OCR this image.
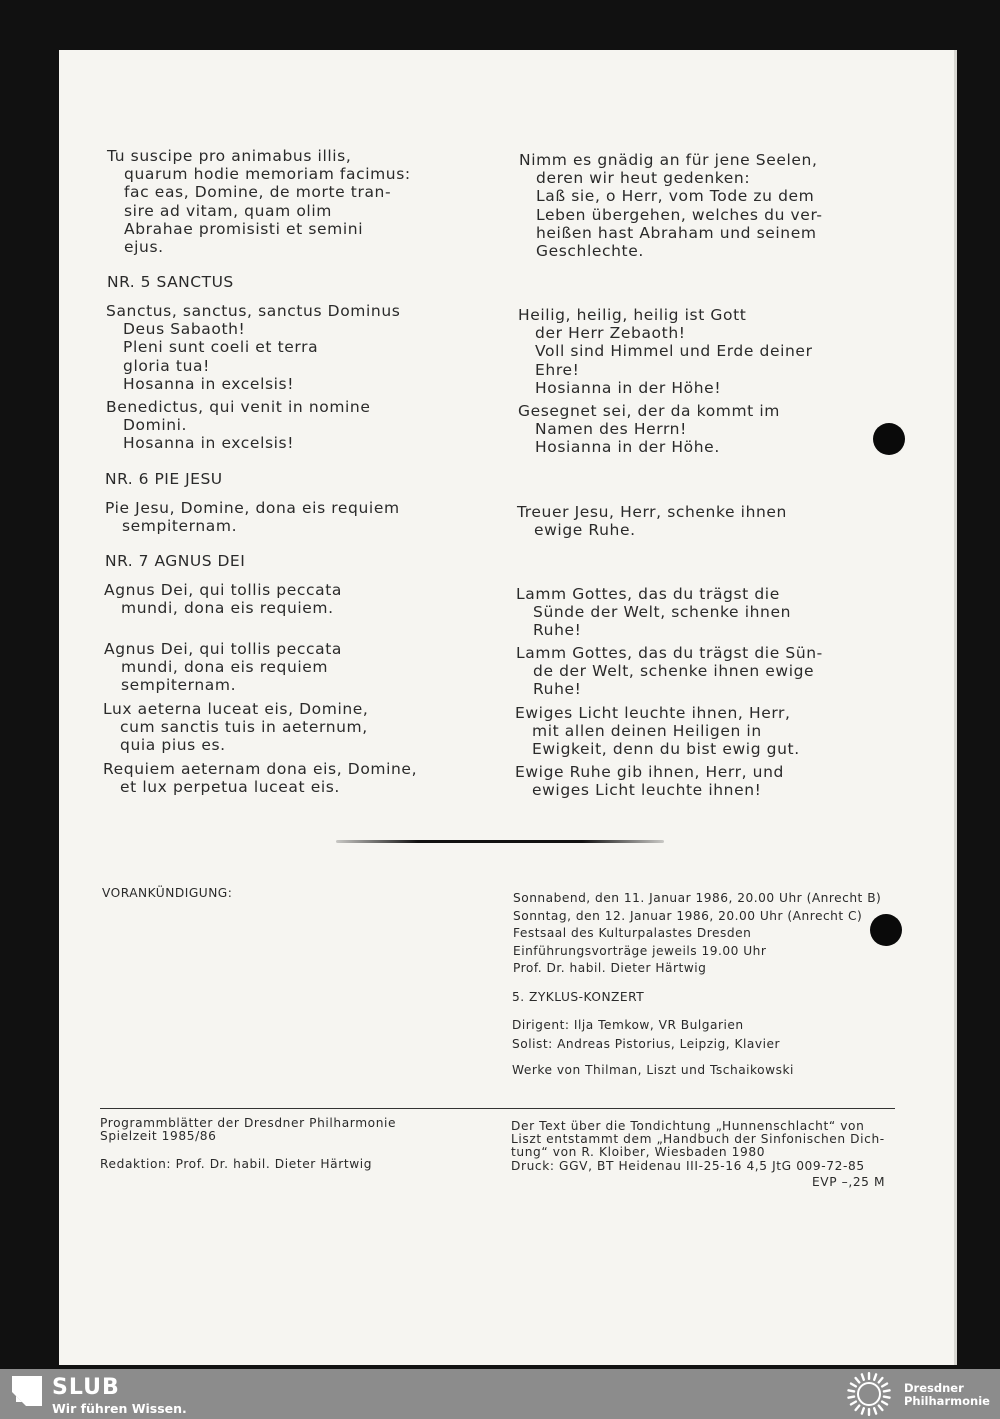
Tu suscipe pro animabus illis,
quarum hodie memoriam facimus:
fac eas, Domine, de morte tran-
sire ad vitam, quam olim
Abrahae promisisti et semini
ejus.
NR. 5 SANCTUS
Sanctus, sanctus, sanctus Dominus
Deus Sabaoth!
Pleni sunt coeli et terra
gloria tua!
Hosanna in excelsis!
Benedictus, qui venit in nomine
Domini.
Hosanna in excelsis!
NR. 6 PIE JESU
Pie Jesu, Domine, dona eis requiem
sempiternam.
NR. 7 AGNUS DEI
Agnus Dei, qui tollis peccata
mundi, dona eis requiem.
Agnus Dei, qui tollis peccata
mundi, dona eis requiem
sempiternam.
Lux aeterna luceat eis, Domine,
cum sanctis tuis in aeternum,
quia pius es.
Requiem aeternam dona eis, Domine,
et lux perpetua luceat eis.
Nimm es gnädig an für jene Seelen,
deren wir heut gedenken:
Laß sie, o Herr, vom Tode zu dem
Leben übergehen, welches du ver-
heißen hast Abraham und seinem
Geschlechte.
Heilig, heilig, heilig ist Gott
der Herr Zebaoth!
Voll sind Himmel und Erde deiner
Ehre!
Hosianna in der Höhe!
Gesegnet sei, der da kommt im
Namen des Herrn!
Hosianna in der Höhe.
Treuer Jesu, Herr, schenke ihnen
ewige Ruhe.
Lamm Gottes, das du trägst die
Sünde der Welt, schenke ihnen
Ruhe!
Lamm Gottes, das du trägst die Sün-
de der Welt, schenke ihnen ewige
Ruhe!
Ewiges Licht leuchte ihnen, Herr,
mit allen deinen Heiligen in
Ewigkeit, denn du bist ewig gut.
Ewige Ruhe gib ihnen, Herr, und
ewiges Licht leuchte ihnen!
VORANKÜNDIGUNG:	Sonnabend, den 11. Januar 1986, 20.00 Uhr (Anrecht B)
Sonntag, den 12. Januar 1986, 20.00 Uhr (Anrecht C)
Festsaal des Kulturpalastes Dresden
Einführungsvorträge jeweils 19.00 Uhr
Prof. Dr. habil. Dieter Härtwig
5. ZYKLUS-KONZERT
Dirigent: Ilja Temkow, VR Bulgarien
Solist: Andreas Pistorius, Leipzig, Klavier
Werke von Thilman, Liszt und Tschaikowski
Programmblätter der Dresdner Philharmonie
Spielzeit 1985/86
Redaktion: Prof. Dr. habil. Dieter Härtwig
Der Text über die Tondichtung „Hunnenschlacht“ von
Liszt entstammt dem „Handbuch der Sinfonischen Dich-
tung“ von R. Kloiber, Wiesbaden 1980
Druck: GGV, BT Heidenau III-25-16 4,5 JtG 009-72-85
EVP –,25 M
SLUB
Wir führen Wissen.
Dresdner
Philharmonie
